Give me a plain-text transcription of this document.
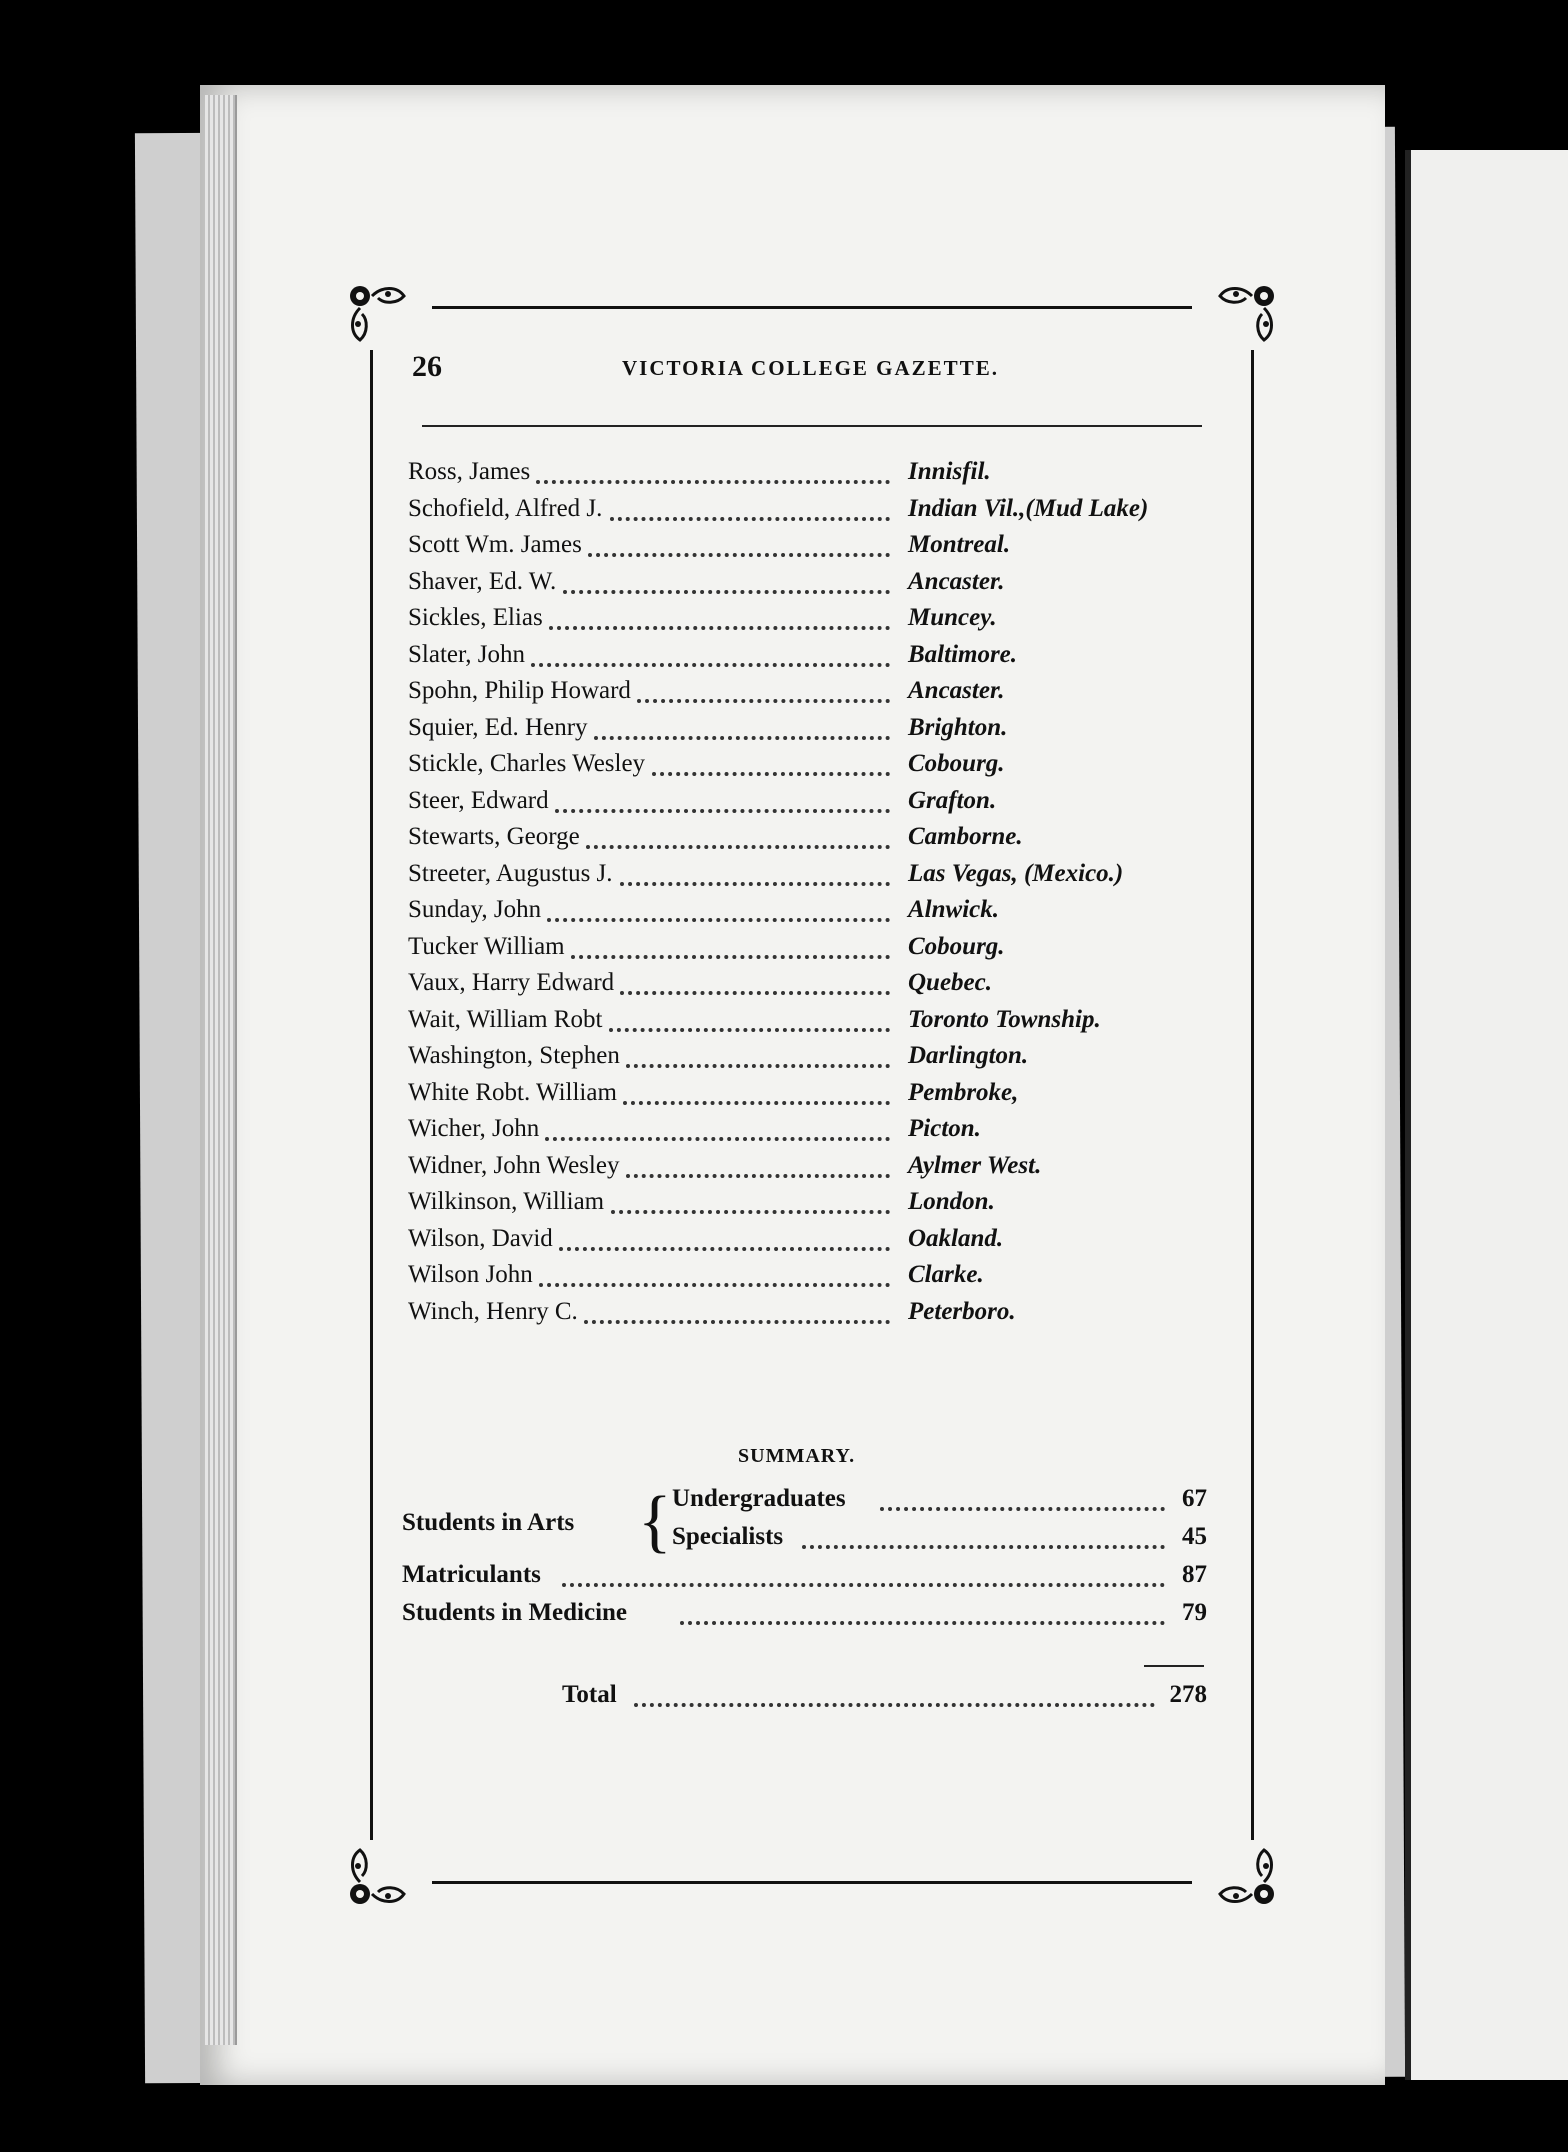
26	VICTORIA COLLEGE GAZETTE.
Ross, James	Innisfil.
Schofield, Alfred J.	Indian Vil.,(Mud Lake)
Scott Wm. James	Montreal.
Shaver, Ed. W.	Ancaster.
Sickles, Elias	Muncey.
Slater, John	Baltimore.
Spohn, Philip Howard	Ancaster.
Squier, Ed. Henry	Brighton.
Stickle, Charles Wesley	Cobourg.
Steer, Edward	Grafton.
Stewarts, George	Camborne.
Streeter, Augustus J.	Las Vegas, (Mexico.)
Sunday, John	Alnwick.
Tucker William	Cobourg.
Vaux, Harry Edward	Quebec.
Wait, William Robt	Toronto Township.
Washington, Stephen	Darlington.
White Robt. William	Pembroke,
Wicher, John	Picton.
Widner, John Wesley	Aylmer West.
Wilkinson, William	London.
Wilson, David	Oakland.
Wilson John	Clarke.
Winch, Henry C.	Peterboro.
SUMMARY.
Students in Arts { Undergraduates	67
Specialists	45
Matriculants	87
Students in Medicine	79
Total	278
